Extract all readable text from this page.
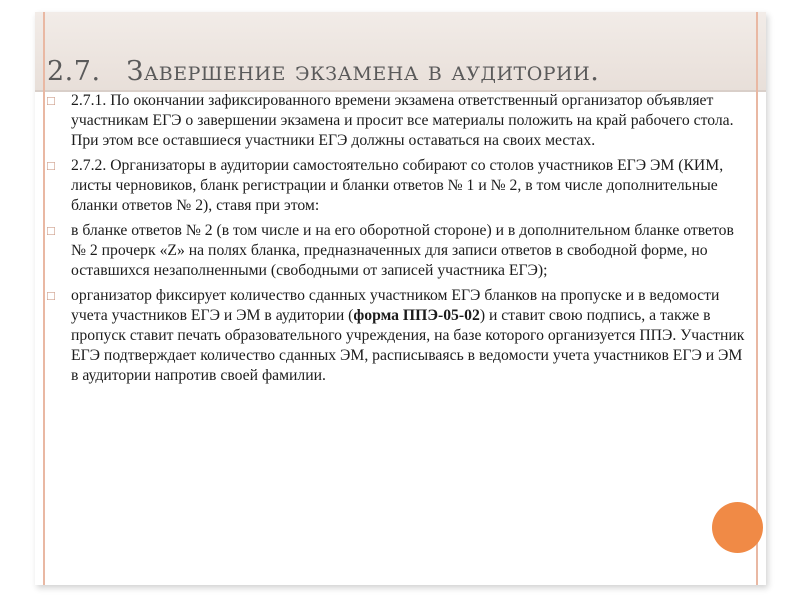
2.7. Завершение экзамена в аудитории.
□ 2.7.1. По окончании зафиксированного времени экзамена ответственный организатор объявляет участникам ЕГЭ о завершении экзамена и просит все материалы положить на край рабочего стола. При этом все оставшиеся участники ЕГЭ должны оставаться на своих местах.
□ 2.7.2. Организаторы в аудитории самостоятельно собирают со столов участников ЕГЭ ЭМ (КИМ, листы черновиков, бланк регистрации и бланки ответов № 1 и № 2, в том числе дополнительные бланки ответов № 2), ставя при этом:
□ в бланке ответов № 2 (в том числе и на его оборотной стороне) и в дополнительном бланке ответов № 2 прочерк «Z» на полях бланка, предназначенных для записи ответов в свободной форме, но оставшихся незаполненными (свободными от записей участника ЕГЭ);
□ организатор фиксирует количество сданных участником ЕГЭ бланков на пропуске и в ведомости учета участников ЕГЭ и ЭМ в аудитории (форма ППЭ-05-02) и ставит свою подпись, а также в пропуск ставит печать образовательного учреждения, на базе которого организуется ППЭ. Участник ЕГЭ подтверждает количество сданных ЭМ, расписываясь в ведомости учета участников ЕГЭ и ЭМ в аудитории напротив своей фамилии.
